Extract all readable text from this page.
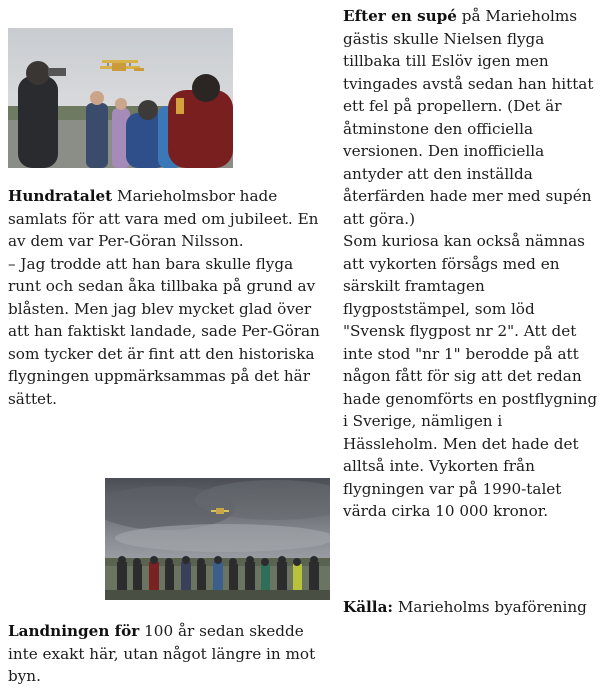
Hundratalet Marieholmsbor hade samlats för att vara med om jubileet. En av dem var Per-Göran Nilsson.

– Jag trodde att han bara skulle flyga runt och sedan åka tillbaka på grund av blåsten. Men jag blev mycket glad över att han faktiskt landade, sade Per-Göran som tycker det är fint att den historiska flygningen uppmärksammas på det här sättet.

Landningen för 100 år sedan skedde inte exakt här, utan något längre in mot byn.

Efter en supé på Marieholms gästis skulle Nielsen flyga tillbaka till Eslöv igen men tvingades avstå sedan han hittat ett fel på propellern. (Det är åtminstone den officiella versionen. Den inofficiella antyder att den inställda återfärden hade mer med supén att göra.)

Som kuriosa kan också nämnas att vykorten försågs med en särskilt framtagen flygpoststämpel, som löd "Svensk flygpost nr 2". Att det inte stod "nr 1" berodde på att någon fått för sig att det redan hade genomförts en postflygning i Sverige, nämligen i Hässleholm. Men det hade det alltså inte. Vykorten från flygningen var på 1990-talet värda cirka 10 000 kronor.

Källa: Marieholms byaförening
